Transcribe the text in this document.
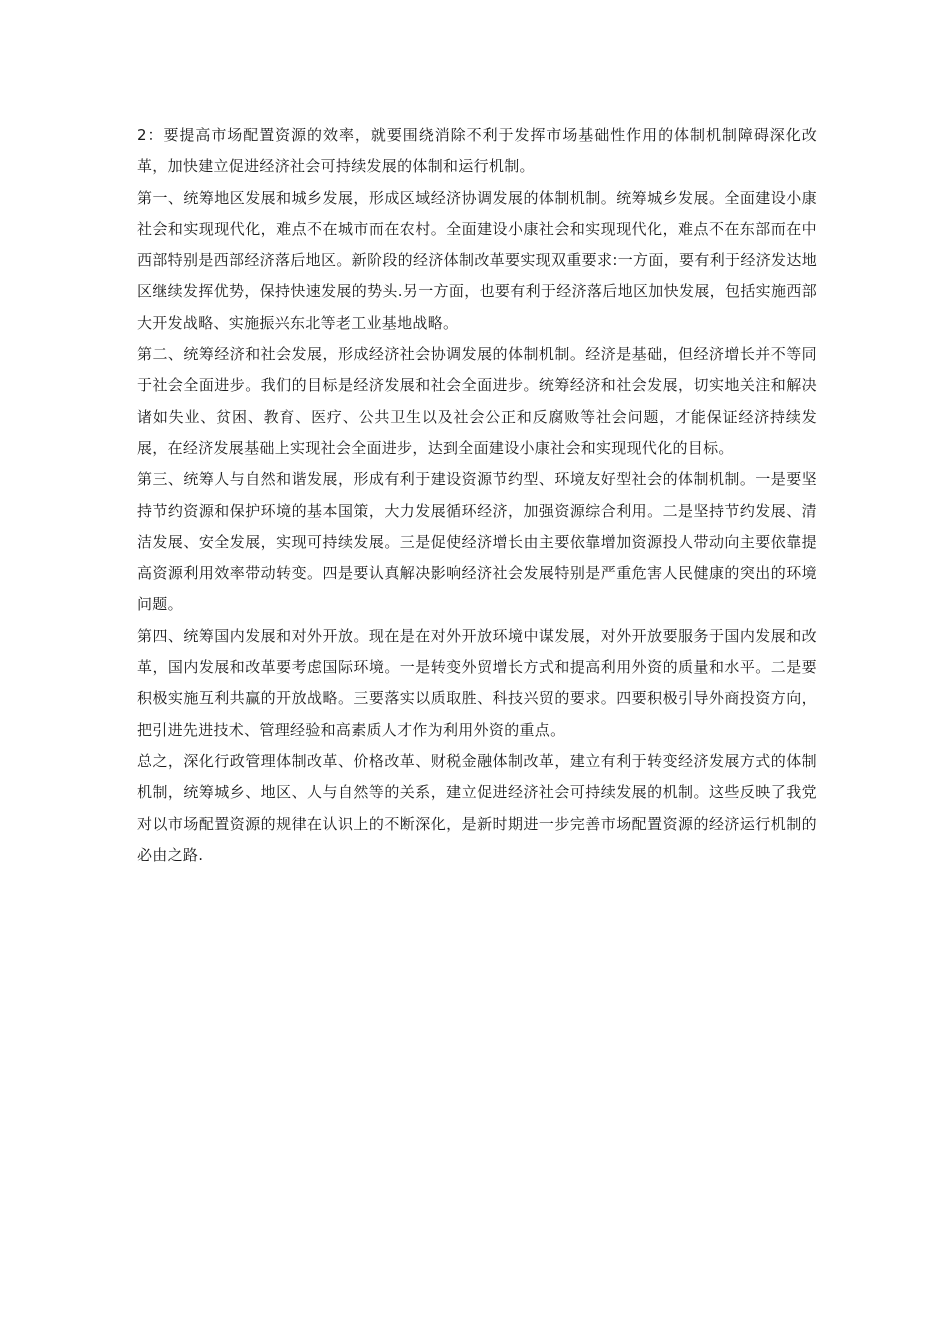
2：要提高市场配置资源的效率，就要围绕消除不利于发挥市场基础性作用的体制机制障碍深化改革，加快建立促进经济社会可持续发展的体制和运行机制。

第一、统筹地区发展和城乡发展，形成区域经济协调发展的体制机制。统筹城乡发展。全面建设小康社会和实现现代化，难点不在城市而在农村。全面建设小康社会和实现现代化，难点不在东部而在中西部特别是西部经济落后地区。新阶段的经济体制改革要实现双重要求:一方面，要有利于经济发达地区继续发挥优势，保持快速发展的势头.另一方面，也要有利于经济落后地区加快发展，包括实施西部大开发战略、实施振兴东北等老工业基地战略。

第二、统筹经济和社会发展，形成经济社会协调发展的体制机制。经济是基础，但经济增长并不等同于社会全面进步。我们的目标是经济发展和社会全面进步。统筹经济和社会发展，切实地关注和解决诸如失业、贫困、教育、医疗、公共卫生以及社会公正和反腐败等社会问题，才能保证经济持续发展，在经济发展基础上实现社会全面进步，达到全面建设小康社会和实现现代化的目标。

第三、统筹人与自然和谐发展，形成有利于建设资源节约型、环境友好型社会的体制机制。一是要坚持节约资源和保护环境的基本国策，大力发展循环经济，加强资源综合利用。二是坚持节约发展、清洁发展、安全发展，实现可持续发展。三是促使经济增长由主要依靠增加资源投人带动向主要依靠提高资源利用效率带动转变。四是要认真解决影响经济社会发展特别是严重危害人民健康的突出的环境问题。

第四、统筹国内发展和对外开放。现在是在对外开放环境中谋发展，对外开放要服务于国内发展和改革，国内发展和改革要考虑国际环境。一是转变外贸增长方式和提高利用外资的质量和水平。二是要积极实施互利共赢的开放战略。三要落实以质取胜、科技兴贸的要求。四要积极引导外商投资方向，把引进先进技术、管理经验和高素质人才作为利用外资的重点。

总之，深化行政管理体制改革、价格改革、财税金融体制改革，建立有利于转变经济发展方式的体制机制，统筹城乡、地区、人与自然等的关系，建立促进经济社会可持续发展的机制。这些反映了我党对以市场配置资源的规律在认识上的不断深化，是新时期进一步完善市场配置资源的经济运行机制的必由之路.
